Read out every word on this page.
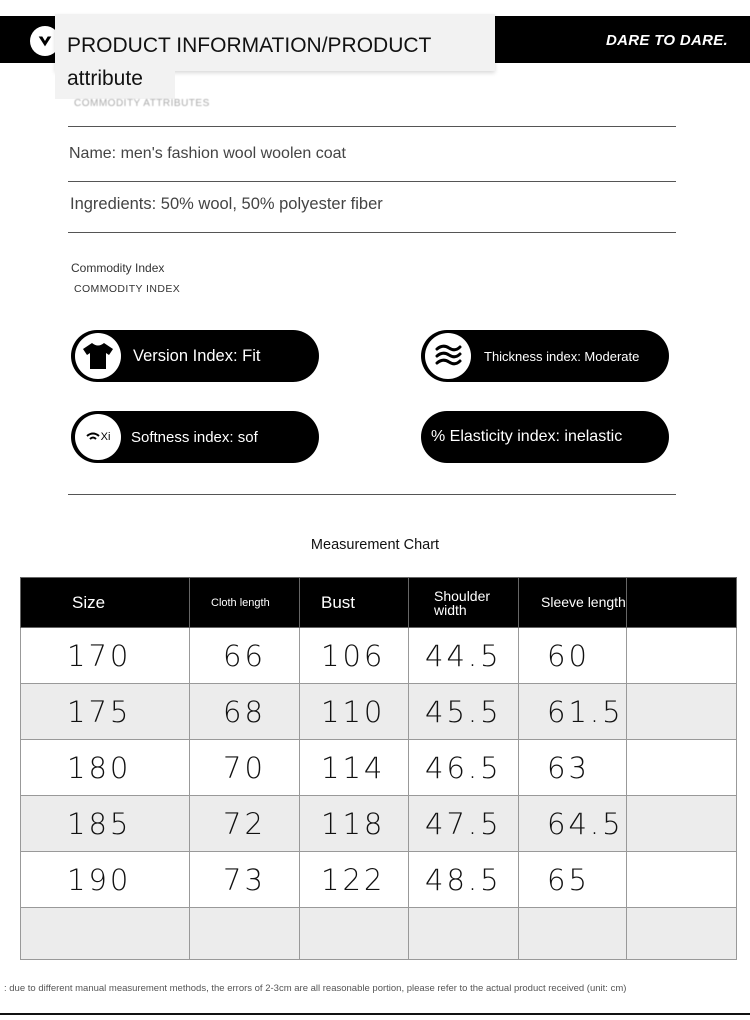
DARE TO DARE.
PRODUCT INFORMATION/PRODUCT attribute
COMMODITY ATTRIBUTES
Name: men's fashion wool woolen coat
Ingredients: 50% wool, 50% polyester fiber
Commodity Index
COMMODITY INDEX
Version Index: Fit	Thickness index: Moderate
Xi Softness index: sof	% Elasticity index: inelastic
Measurement Chart
Size	Cloth length	Bust	Shoulder width	Sleeve length	
170	66	106	44.5	60	
175	68	110	45.5	61.5	
180	70	114	46.5	63	
185	72	118	47.5	64.5	
190	73	122	48.5	65	

: due to different manual measurement methods, the errors of 2-3cm are all reasonable portion, please refer to the actual product received (unit: cm)
